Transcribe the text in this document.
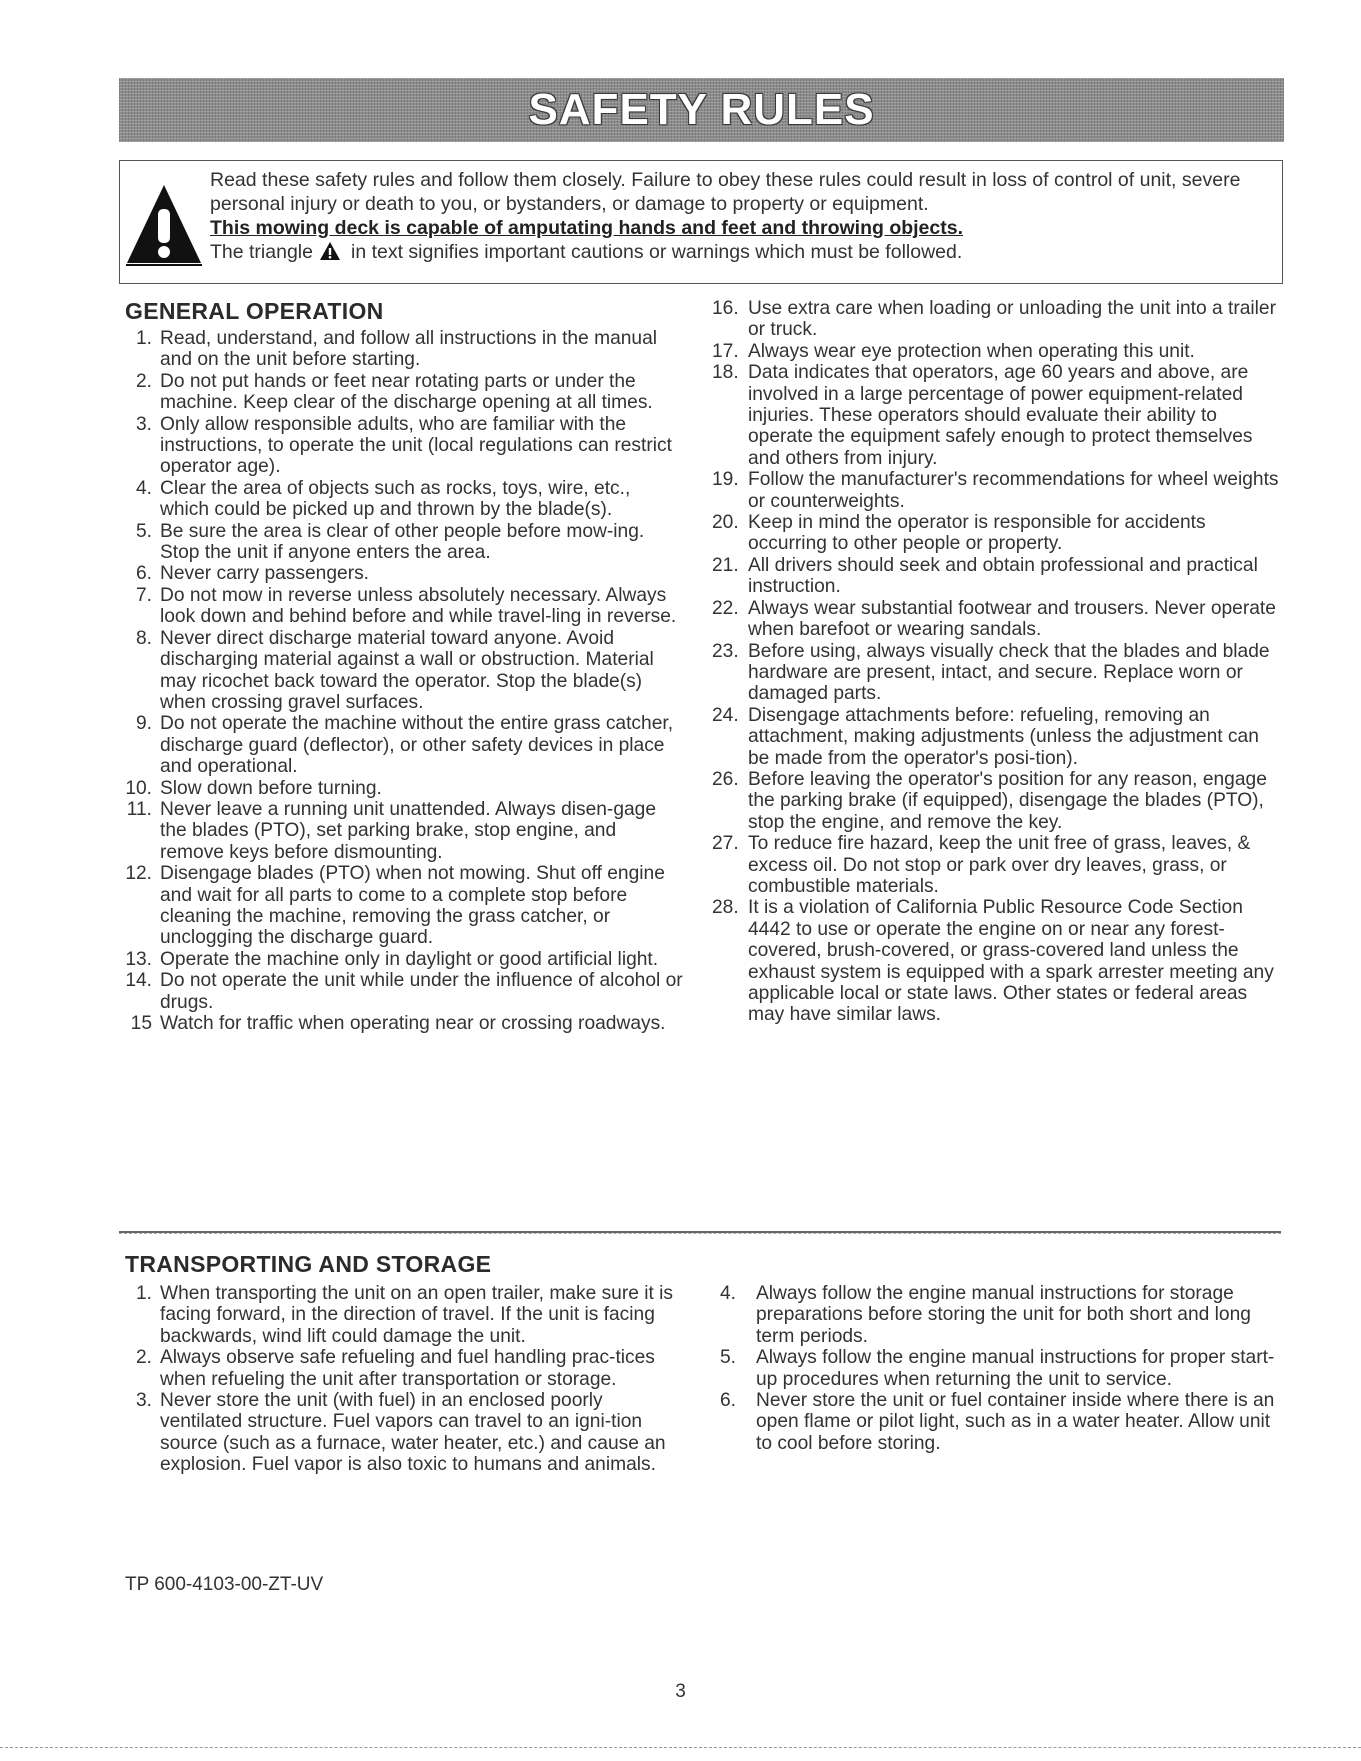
SAFETY RULES

Read these safety rules and follow them closely. Failure to obey these rules could result in loss of control of unit, severe personal injury or death to you, or bystanders, or damage to property or equipment.

This mowing deck is capable of amputating hands and feet and throwing objects.

The triangle in text signifies important cautions or warnings which must be followed.

GENERAL OPERATION
1. Read, understand, and follow all instructions in the manual and on the unit before starting.
2. Do not put hands or feet near rotating parts or under the machine. Keep clear of the discharge opening at all times.
3. Only allow responsible adults, who are familiar with the instructions, to operate the unit (local regulations can restrict operator age).
4. Clear the area of objects such as rocks, toys, wire, etc., which could be picked up and thrown by the blade(s).
5. Be sure the area is clear of other people before mow-ing. Stop the unit if anyone enters the area.
6. Never carry passengers.
7. Do not mow in reverse unless absolutely necessary. Always look down and behind before and while travel-ling in reverse.
8. Never direct discharge material toward anyone. Avoid discharging material against a wall or obstruction. Material may ricochet back toward the operator. Stop the blade(s) when crossing gravel surfaces.
9. Do not operate the machine without the entire grass catcher, discharge guard (deflector), or other safety devices in place and operational.
10. Slow down before turning.
11. Never leave a running unit unattended. Always disen-gage the blades (PTO), set parking brake, stop engine, and remove keys before dismounting.
12. Disengage blades (PTO) when not mowing. Shut off engine and wait for all parts to come to a complete stop before cleaning the machine, removing the grass catcher, or unclogging the discharge guard.
13. Operate the machine only in daylight or good artificial light.
14. Do not operate the unit while under the influence of alcohol or drugs.
15 Watch for traffic when operating near or crossing roadways.
16. Use extra care when loading or unloading the unit into a trailer or truck.
17. Always wear eye protection when operating this unit.
18. Data indicates that operators, age 60 years and above, are involved in a large percentage of power equipment-related injuries. These operators should evaluate their ability to operate the equipment safely enough to protect themselves and others from injury.
19. Follow the manufacturer's recommendations for wheel weights or counterweights.
20. Keep in mind the operator is responsible for accidents occurring to other people or property.
21. All drivers should seek and obtain professional and practical instruction.
22. Always wear substantial footwear and trousers. Never operate when barefoot or wearing sandals.
23. Before using, always visually check that the blades and blade hardware are present, intact, and secure. Replace worn or damaged parts.
24. Disengage attachments before: refueling, removing an attachment, making adjustments (unless the adjustment can be made from the operator's posi-tion).
26. Before leaving the operator's position for any reason, engage the parking brake (if equipped), disengage the blades (PTO), stop the engine, and remove the key.
27. To reduce fire hazard, keep the unit free of grass, leaves, & excess oil. Do not stop or park over dry leaves, grass, or combustible materials.
28. It is a violation of California Public Resource Code Section 4442 to use or operate the engine on or near any forest-covered, brush-covered, or grass-covered land unless the exhaust system is equipped with a spark arrester meeting any applicable local or state laws. Other states or federal areas may have similar laws.
TRANSPORTING AND STORAGE
1. When transporting the unit on an open trailer, make sure it is facing forward, in the direction of travel. If the unit is facing backwards, wind lift could damage the unit.
2. Always observe safe refueling and fuel handling prac-tices when refueling the unit after transportation or storage.
3. Never store the unit (with fuel) in an enclosed poorly ventilated structure. Fuel vapors can travel to an igni-tion source (such as a furnace, water heater, etc.) and cause an explosion. Fuel vapor is also toxic to humans and animals.
4. Always follow the engine manual instructions for storage preparations before storing the unit for both short and long term periods.
5. Always follow the engine manual instructions for proper start-up procedures when returning the unit to service.
6. Never store the unit or fuel container inside where there is an open flame or pilot light, such as in a water heater. Allow unit to cool before storing.
TP 600-4103-00-ZT-UV
3
